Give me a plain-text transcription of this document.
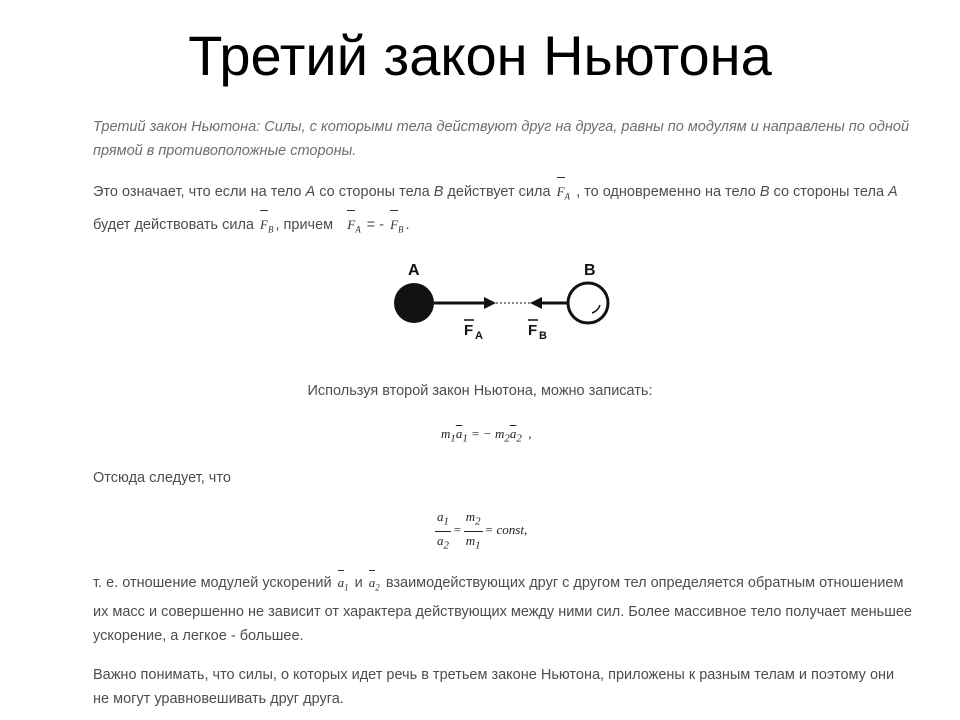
Третий закон Ньютона
Третий закон Ньютона: Силы, с которыми тела действуют друг на друга, равны по модулям и направлены по одной прямой в противоположные стороны.
Это означает, что если на тело А со стороны тела В действует сила $F_A$ , то одновременно на тело В со стороны тела А будет действовать сила $F_B$ , причем $F_A$ = - $F_B$ .
A	B
F A	F B
Используя второй закон Ньютона, можно записать:
$m_1\overline{a}_1$ = − $m_2\overline{a}_2$ ,
Отсюда следует, что
$\frac{a_1}{a_2} = \frac{m_2}{m_1}$ = const,
т. е. отношение модулей ускорений $a_1$ и $a_2$ взаимодействующих друг с другом тел определяется обратным отношением их масс и совершенно не зависит от характера действующих между ними сил. Более массивное тело получает меньшее ускорение, а легкое - большее.
Важно понимать, что силы, о которых идет речь в третьем законе Ньютона, приложены к разным телам и поэтому они не могут уравновешивать друг друга.
